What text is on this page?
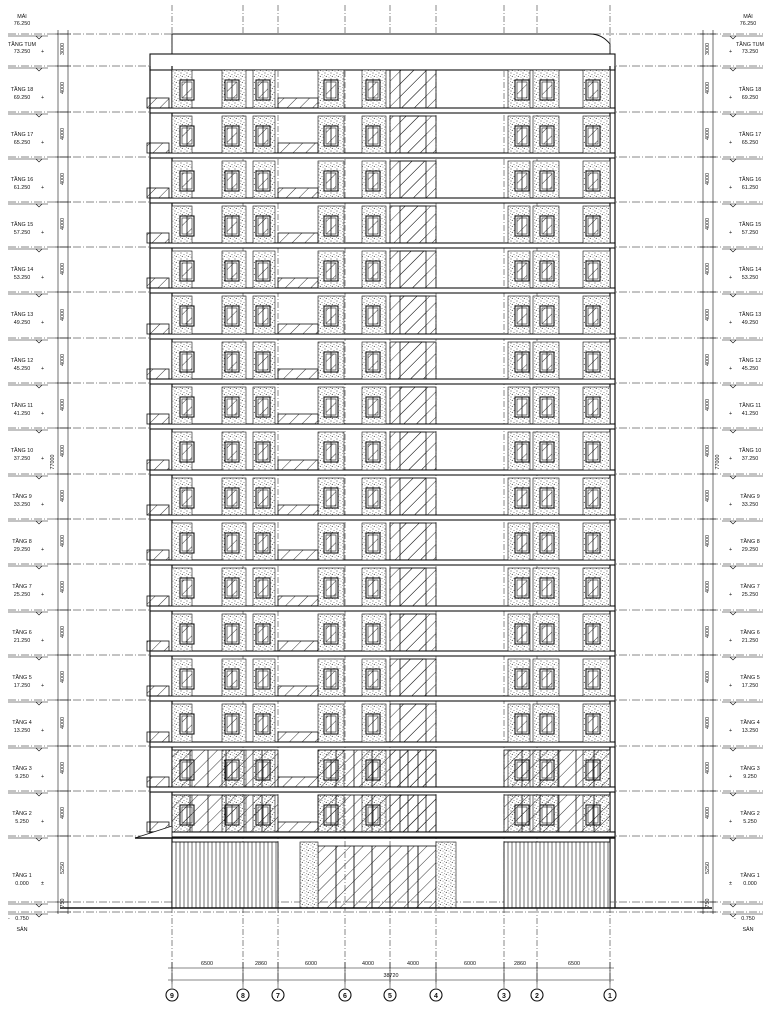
MÁI
76.250
TẦNG TUM
73.250
TẦNG 18
69.250
TẦNG 17
65.250
TẦNG 16
61.250
TẦNG 15
57.250
TẦNG 14
53.250
TẦNG 13
49.250
TẦNG 12
45.250
TẦNG 11
41.250
TẦNG 10
37.250
TẦNG 9
33.250
TẦNG 8
29.250
TẦNG 7
25.250
TẦNG 6
21.250
TẦNG 5
17.250
TẦNG 4
13.250
TẦNG 3
9.250
TẦNG 2
5.250
TẦNG 1
0.000
0.750
SÂN
MÁI
76.250
TẦNG TUM
73.250
TẦNG 18
69.250
TẦNG 17
65.250
TẦNG 16
61.250
TẦNG 15
57.250
TẦNG 14
53.250
TẦNG 13
49.250
TẦNG 12
45.250
TẦNG 11
41.250
TẦNG 10
37.250
TẦNG 9
33.250
TẦNG 8
29.250
TẦNG 7
25.250
TẦNG 6
21.250
TẦNG 5
17.250
TẦNG 4
13.250
TẦNG 3
9.250
TẦNG 2
5.250
TẦNG 1
0.000
0.750
SÂN
3000
4000
4000
4000
4000
4000
4000
4000
4000
4000
4000
4000
4000
4000
4000
4000
4000
4000
5250
750
77000
3000
4000
4000
4000
4000
4000
4000
4000
4000
4000
4000
4000
4000
4000
4000
4000
4000
4000
5250
750
77000
6500	2860	6000	4000	4000	6000	2860	6500
38720
9	8	7	6	5	4	3	2	1
+
+
+
+
+
+
+
+
+
+
+
+
+
+
+
+
+
+
±
-
+
+
+
+
+
+
+
+
+
+
+
+
+
+
+
+
+
+
±
-
